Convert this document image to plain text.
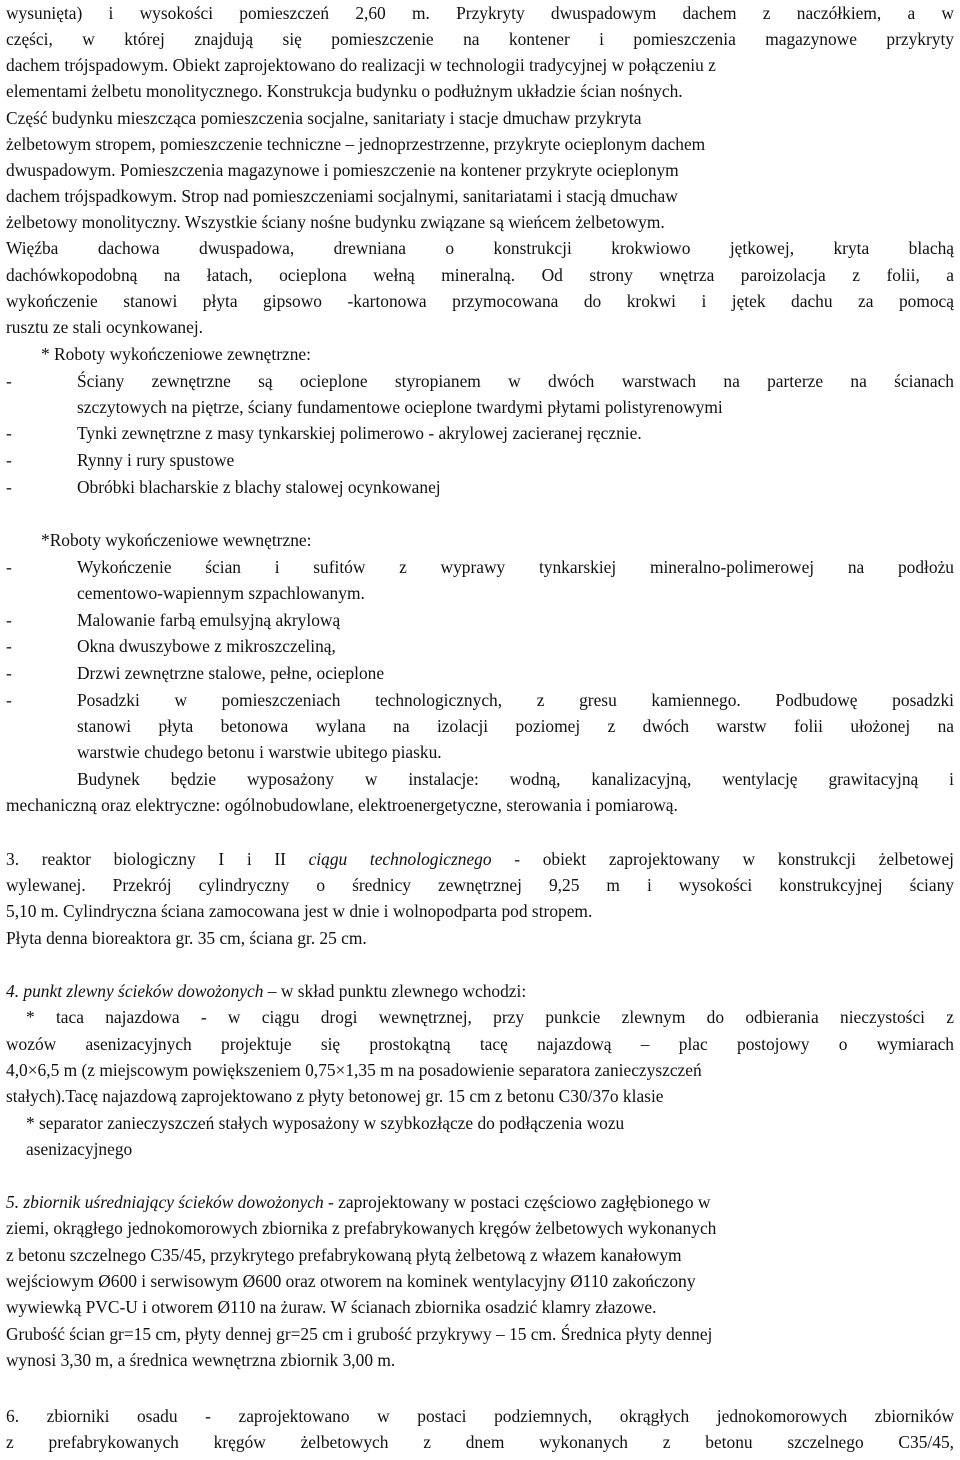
wysunięta) i wysokości pomieszczeń 2,60 m. Przykryty dwuspadowym dachem z naczółkiem, a w
części, w której znajdują się pomieszczenie na kontener i pomieszczenia magazynowe przykryty
dachem trójspadowym. Obiekt zaprojektowano do realizacji w technologii tradycyjnej w połączeniu z
elementami żelbetu monolitycznego. Konstrukcja budynku o podłużnym układzie ścian nośnych.
Część budynku mieszcząca pomieszczenia socjalne, sanitariaty i stacje dmuchaw przykryta
żelbetowym stropem, pomieszczenie techniczne – jednoprzestrzenne, przykryte ocieplonym dachem
dwuspadowym. Pomieszczenia magazynowe i pomieszczenie na kontener przykryte ocieplonym
dachem trójspadkowym. Strop nad pomieszczeniami socjalnymi, sanitariatami i stacją dmuchaw
żelbetowy monolityczny. Wszystkie ściany nośne budynku związane są wieńcem żelbetowym.
Więźba dachowa dwuspadowa, drewniana o konstrukcji krokwiowo jętkowej, kryta blachą
dachówkopodobną na łatach, ocieplona wełną mineralną. Od strony wnętrza paroizolacja z folii, a
wykończenie stanowi płyta gipsowo -kartonowa przymocowana do krokwi i jętek dachu za pomocą
rusztu ze stali ocynkowanej.
* Roboty wykończeniowe zewnętrzne:
-	Ściany zewnętrzne są ocieplone styropianem w dwóch warstwach na parterze na ścianach
szczytowych na piętrze, ściany fundamentowe ocieplone twardymi płytami polistyrenowymi
-	Tynki zewnętrzne z masy tynkarskiej polimerowo - akrylowej zacieranej ręcznie.
-	Rynny i rury spustowe
-	Obróbki blacharskie z blachy stalowej ocynkowanej
*Roboty wykończeniowe wewnętrzne:
-	Wykończenie ścian i sufitów z wyprawy tynkarskiej mineralno-polimerowej na podłożu
cementowo-wapiennym szpachlowanym.
-	Malowanie farbą emulsyjną akrylową
-	Okna dwuszybowe z mikroszczeliną,
-	Drzwi zewnętrzne stalowe, pełne, ocieplone
-	Posadzki w pomieszczeniach technologicznych, z gresu kamiennego. Podbudowę posadzki
stanowi płyta betonowa wylana na izolacji poziomej z dwóch warstw folii ułożonej na
warstwie chudego betonu i warstwie ubitego piasku.
Budynek będzie wyposażony w instalacje: wodną, kanalizacyjną, wentylację grawitacyjną i
mechaniczną oraz elektryczne: ogólnobudowlane, elektroenergetyczne, sterowania i pomiarową.
3. reaktor biologiczny I i II ciągu technologicznego - obiekt zaprojektowany w konstrukcji żelbetowej
wylewanej. Przekrój cylindryczny o średnicy zewnętrznej 9,25 m i wysokości konstrukcyjnej ściany
5,10 m. Cylindryczna ściana zamocowana jest w dnie i wolnopodparta pod stropem.
Płyta denna bioreaktora gr. 35 cm, ściana gr. 25 cm.
4. punkt zlewny ścieków dowożonych – w skład punktu zlewnego wchodzi:
* taca najazdowa - w ciągu drogi wewnętrznej, przy punkcie zlewnym do odbierania nieczystości z
wozów asenizacyjnych projektuje się prostokątną tacę najazdową – plac postojowy o wymiarach
4,0×6,5 m (z miejscowym powiększeniem 0,75×1,35 m na posadowienie separatora zanieczyszczeń
stałych).Tacę najazdową zaprojektowano z płyty betonowej gr. 15 cm z betonu C30/37o klasie
* separator zanieczyszczeń stałych wyposażony w szybkozłącze do podłączenia wozu
asenizacyjnego
5. zbiornik uśredniający ścieków dowożonych - zaprojektowany w postaci częściowo zagłębionego w
ziemi, okrągłego jednokomorowych zbiornika z prefabrykowanych kręgów żelbetowych wykonanych
z betonu szczelnego C35/45, przykrytego prefabrykowaną płytą żelbetową z włazem kanałowym
wejściowym Ø600 i serwisowym Ø600 oraz otworem na kominek wentylacyjny Ø110 zakończony
wywiewką PVC-U i otworem Ø110 na żuraw. W ścianach zbiornika osadzić klamry złazowe.
Grubość ścian gr=15 cm, płyty dennej gr=25 cm i grubość przykrywy – 15 cm. Średnica płyty dennej
wynosi 3,30 m, a średnica wewnętrzna zbiornik 3,00 m.
6. zbiorniki osadu - zaprojektowano w postaci podziemnych, okrągłych jednokomorowych zbiorników
z prefabrykowanych kręgów żelbetowych z dnem wykonanych z betonu szczelnego C35/45,
